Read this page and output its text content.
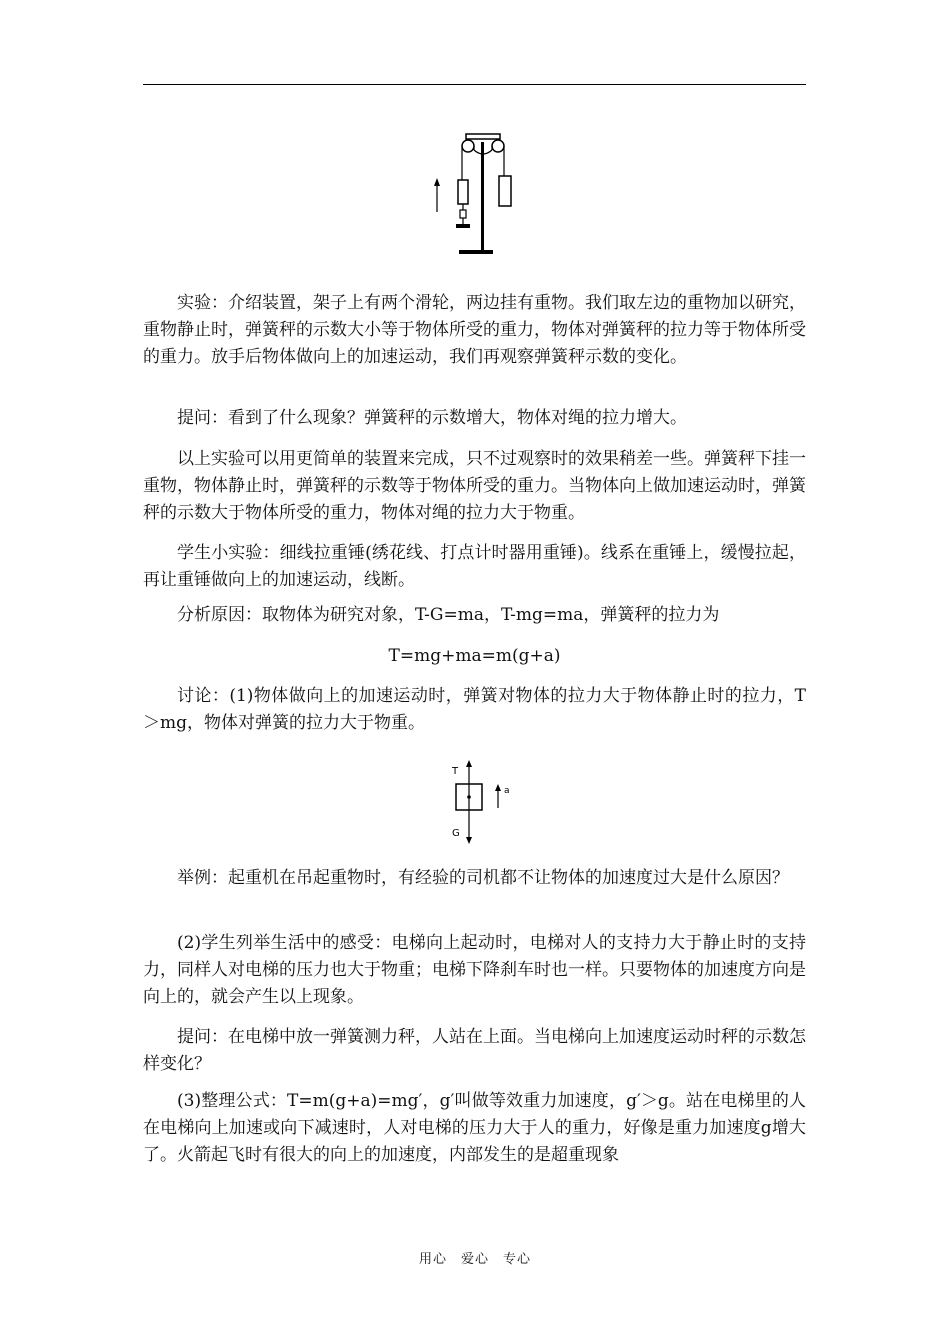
实验：介绍装置，架子上有两个滑轮，两边挂有重物。我们取左边的重物加以研究，重物静止时，弹簧秤的示数大小等于物体所受的重力，物体对弹簧秤的拉力等于物体所受的重力。放手后物体做向上的加速运动，我们再观察弹簧秤示数的变化。

提问：看到了什么现象？弹簧秤的示数增大，物体对绳的拉力增大。

以上实验可以用更简单的装置来完成，只不过观察时的效果稍差一些。弹簧秤下挂一重物，物体静止时，弹簧秤的示数等于物体所受的重力。当物体向上做加速运动时，弹簧秤的示数大于物体所受的重力，物体对绳的拉力大于物重。

学生小实验：细线拉重锤(绣花线、打点计时器用重锤)。线系在重锤上，缓慢拉起，再让重锤做向上的加速运动，线断。

分析原因：取物体为研究对象，T-G=ma，T-mg=ma，弹簧秤的拉力为

T=mg+ma=m(g+a)

讨论：(1)物体做向上的加速运动时，弹簧对物体的拉力大于物体静止时的拉力，T＞mg，物体对弹簧的拉力大于物重。

T
G
a

举例：起重机在吊起重物时，有经验的司机都不让物体的加速度过大是什么原因？

(2)学生列举生活中的感受：电梯向上起动时，电梯对人的支持力大于静止时的支持力，同样人对电梯的压力也大于物重；电梯下降刹车时也一样。只要物体的加速度方向是向上的，就会产生以上现象。

提问：在电梯中放一弹簧测力秤，人站在上面。当电梯向上加速度运动时秤的示数怎样变化？

(3)整理公式：T=m(g+a)=mg′，g′叫做等效重力加速度，g′＞g。站在电梯里的人在电梯向上加速或向下减速时，人对电梯的压力大于人的重力，好像是重力加速度g增大了。火箭起飞时有很大的向上的加速度，内部发生的是超重现象

用心　爱心　专心
